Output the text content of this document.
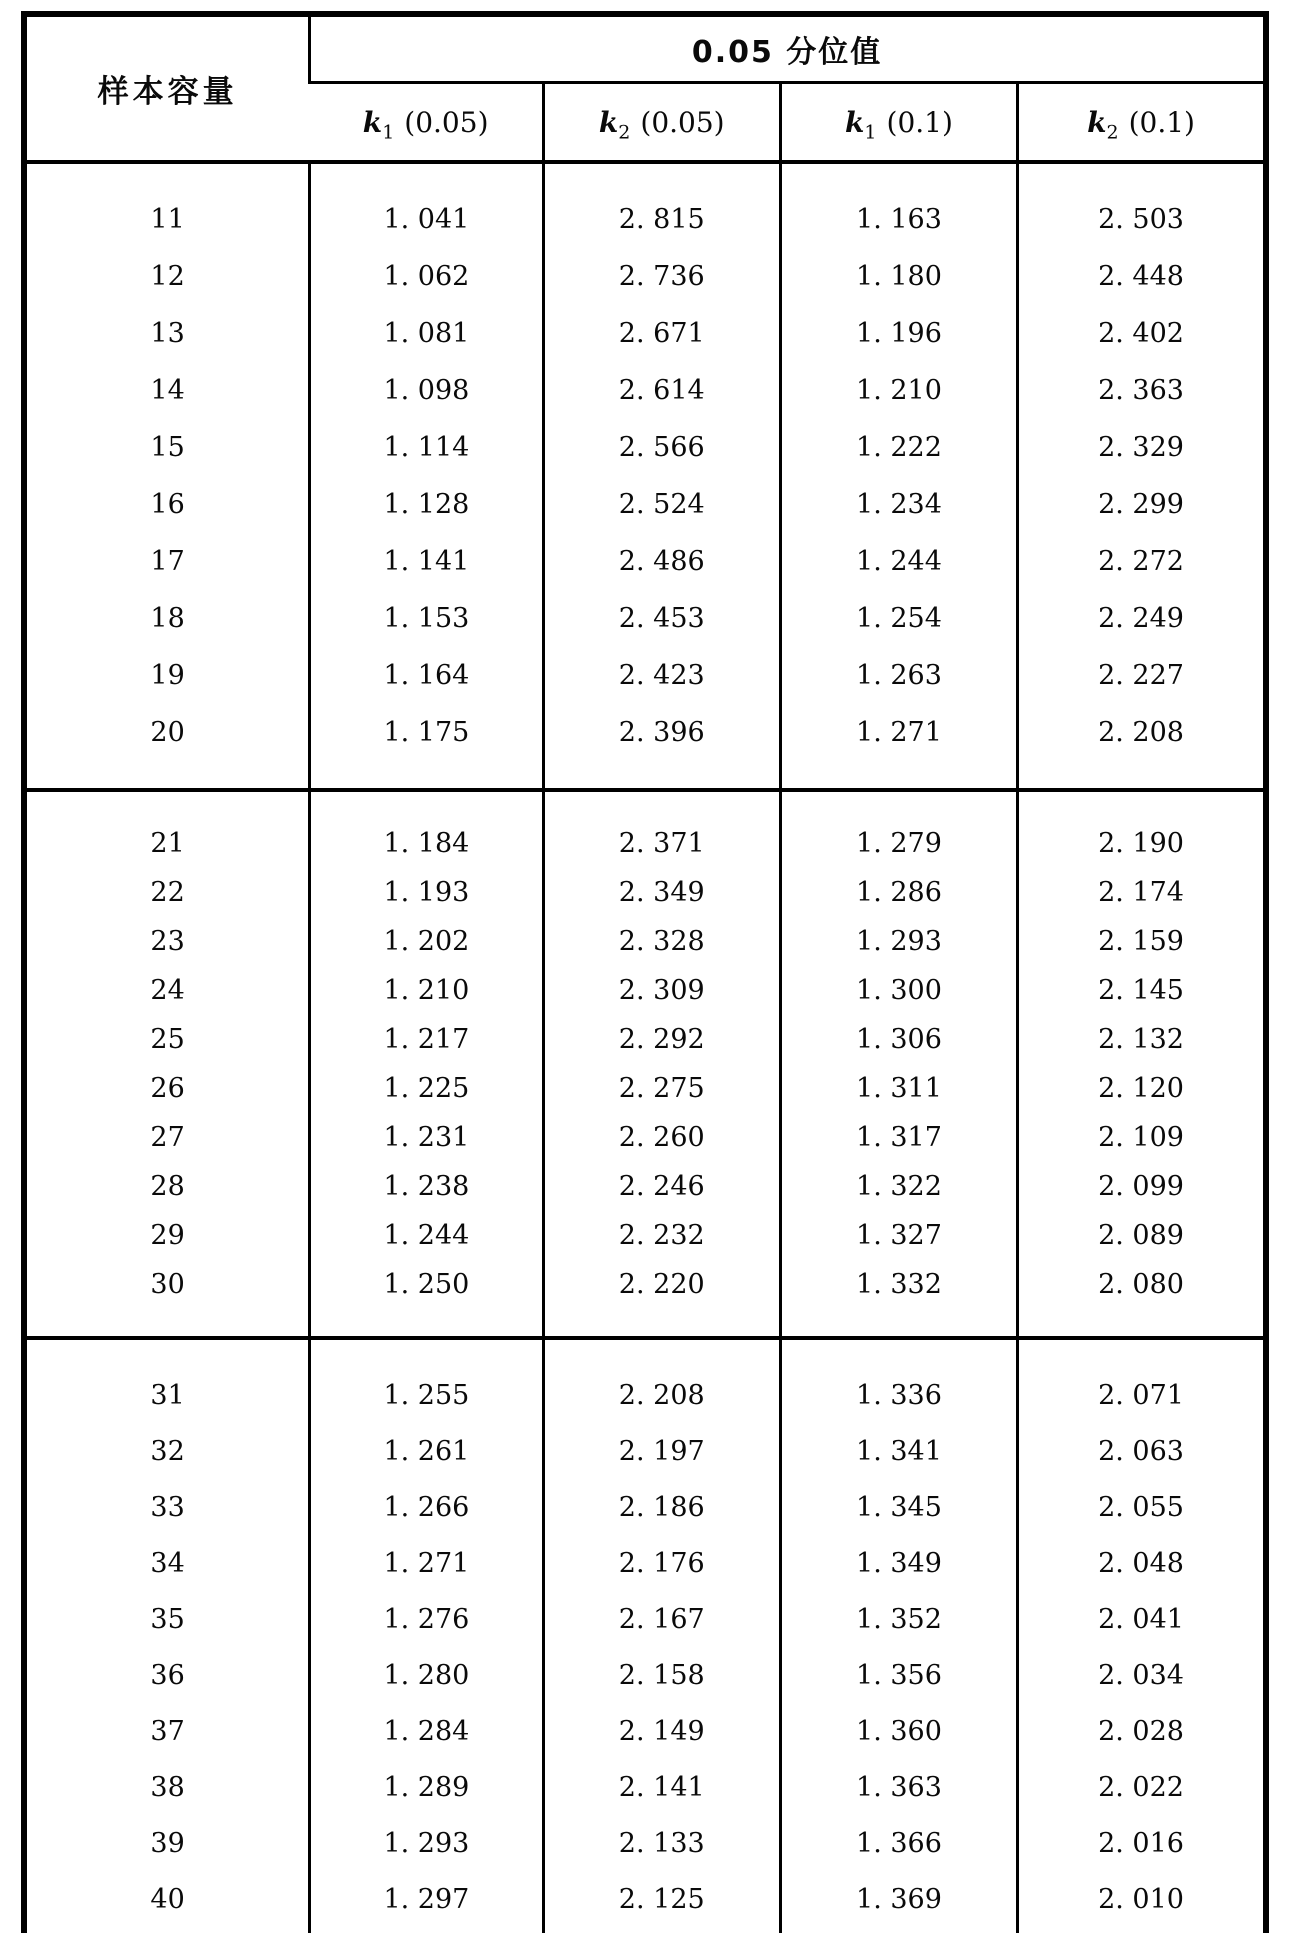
样本容量	0.05 分位值			
	$k_1$ (0.05)	$k_2$ (0.05)	$k_1$ (0.1)	$k_2$ (0.1)
11	1. 041	2. 815	1. 163	2. 503
12	1. 062	2. 736	1. 180	2. 448
13	1. 081	2. 671	1. 196	2. 402
14	1. 098	2. 614	1. 210	2. 363
15	1. 114	2. 566	1. 222	2. 329
16	1. 128	2. 524	1. 234	2. 299
17	1. 141	2. 486	1. 244	2. 272
18	1. 153	2. 453	1. 254	2. 249
19	1. 164	2. 423	1. 263	2. 227
20	1. 175	2. 396	1. 271	2. 208
21	1. 184	2. 371	1. 279	2. 190
22	1. 193	2. 349	1. 286	2. 174
23	1. 202	2. 328	1. 293	2. 159
24	1. 210	2. 309	1. 300	2. 145
25	1. 217	2. 292	1. 306	2. 132
26	1. 225	2. 275	1. 311	2. 120
27	1. 231	2. 260	1. 317	2. 109
28	1. 238	2. 246	1. 322	2. 099
29	1. 244	2. 232	1. 327	2. 089
30	1. 250	2. 220	1. 332	2. 080
31	1. 255	2. 208	1. 336	2. 071
32	1. 261	2. 197	1. 341	2. 063
33	1. 266	2. 186	1. 345	2. 055
34	1. 271	2. 176	1. 349	2. 048
35	1. 276	2. 167	1. 352	2. 041
36	1. 280	2. 158	1. 356	2. 034
37	1. 284	2. 149	1. 360	2. 028
38	1. 289	2. 141	1. 363	2. 022
39	1. 293	2. 133	1. 366	2. 016
40	1. 297	2. 125	1. 369	2. 010
